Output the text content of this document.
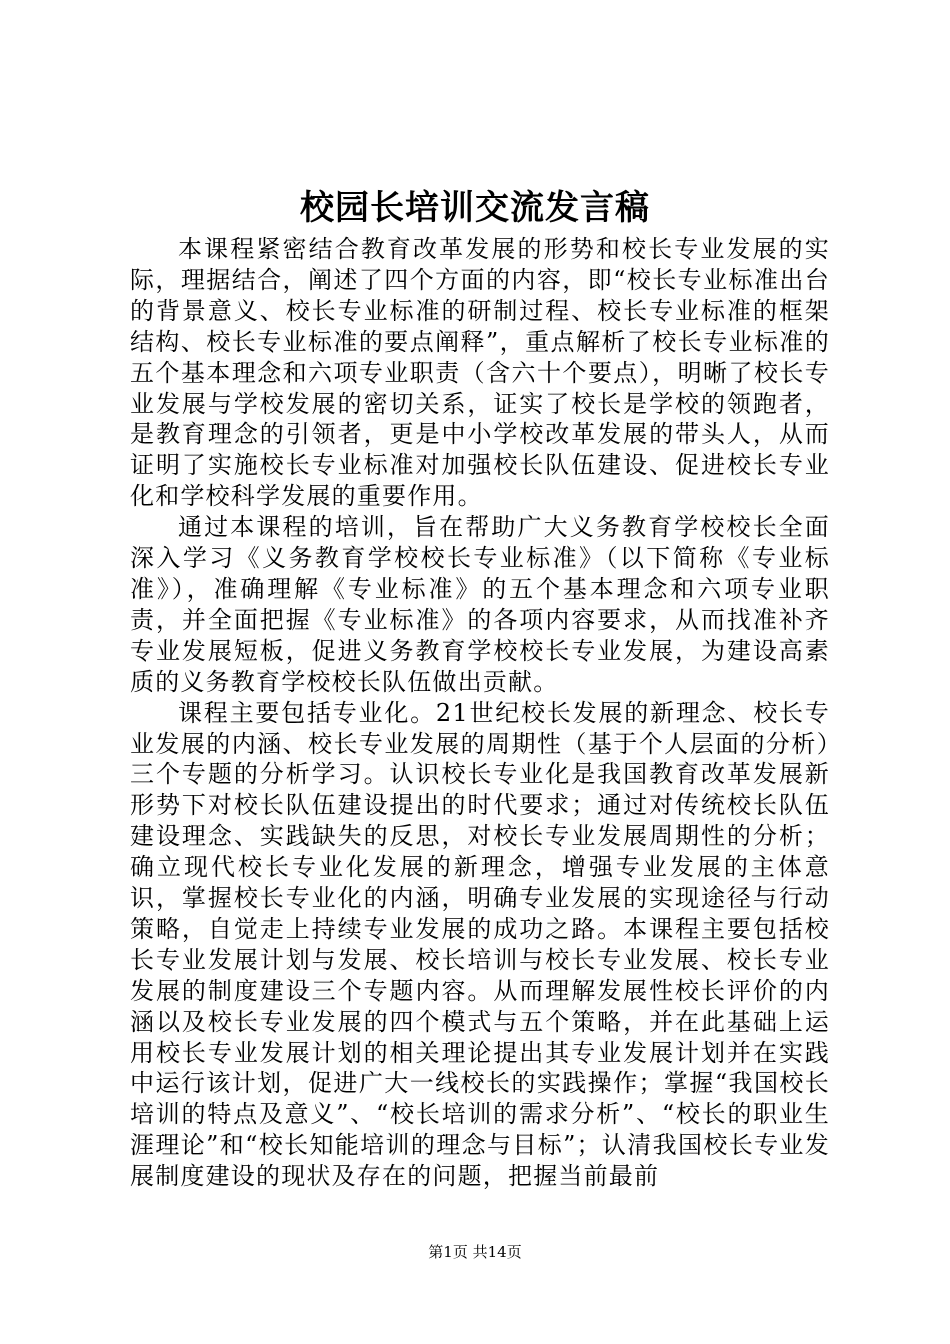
校园长培训交流发言稿

本课程紧密结合教育改革发展的形势和校长专业发展的实际，理据结合，阐述了四个方面的内容，即“校长专业标准出台的背景意义、校长专业标准的研制过程、校长专业标准的框架结构、校长专业标准的要点阐释”，重点解析了校长专业标准的五个基本理念和六项专业职责（含六十个要点），明晰了校长专业发展与学校发展的密切关系，证实了校长是学校的领跑者，是教育理念的引领者，更是中小学校改革发展的带头人，从而证明了实施校长专业标准对加强校长队伍建设、促进校长专业化和学校科学发展的重要作用。

通过本课程的培训，旨在帮助广大义务教育学校校长全面深入学习《义务教育学校校长专业标准》（以下简称《专业标准》），准确理解《专业标准》的五个基本理念和六项专业职责，并全面把握《专业标准》的各项内容要求，从而找准补齐专业发展短板，促进义务教育学校校长专业发展，为建设高素质的义务教育学校校长队伍做出贡献。

课程主要包括专业化。21世纪校长发展的新理念、校长专业发展的内涵、校长专业发展的周期性（基于个人层面的分析）三个专题的分析学习。认识校长专业化是我国教育改革发展新形势下对校长队伍建设提出的时代要求；通过对传统校长队伍建设理念、实践缺失的反思，对校长专业发展周期性的分析；确立现代校长专业化发展的新理念，增强专业发展的主体意识，掌握校长专业化的内涵，明确专业发展的实现途径与行动策略，自觉走上持续专业发展的成功之路。本课程主要包括校长专业发展计划与发展、校长培训与校长专业发展、校长专业发展的制度建设三个专题内容。从而理解发展性校长评价的内涵以及校长专业发展的四个模式与五个策略，并在此基础上运用校长专业发展计划的相关理论提出其专业发展计划并在实践中运行该计划，促进广大一线校长的实践操作；掌握“我国校长培训的特点及意义”、“校长培训的需求分析”、“校长的职业生涯理论”和“校长知能培训的理念与目标”；认清我国校长专业发展制度建设的现状及存在的问题，把握当前最前

第1页 共14页
